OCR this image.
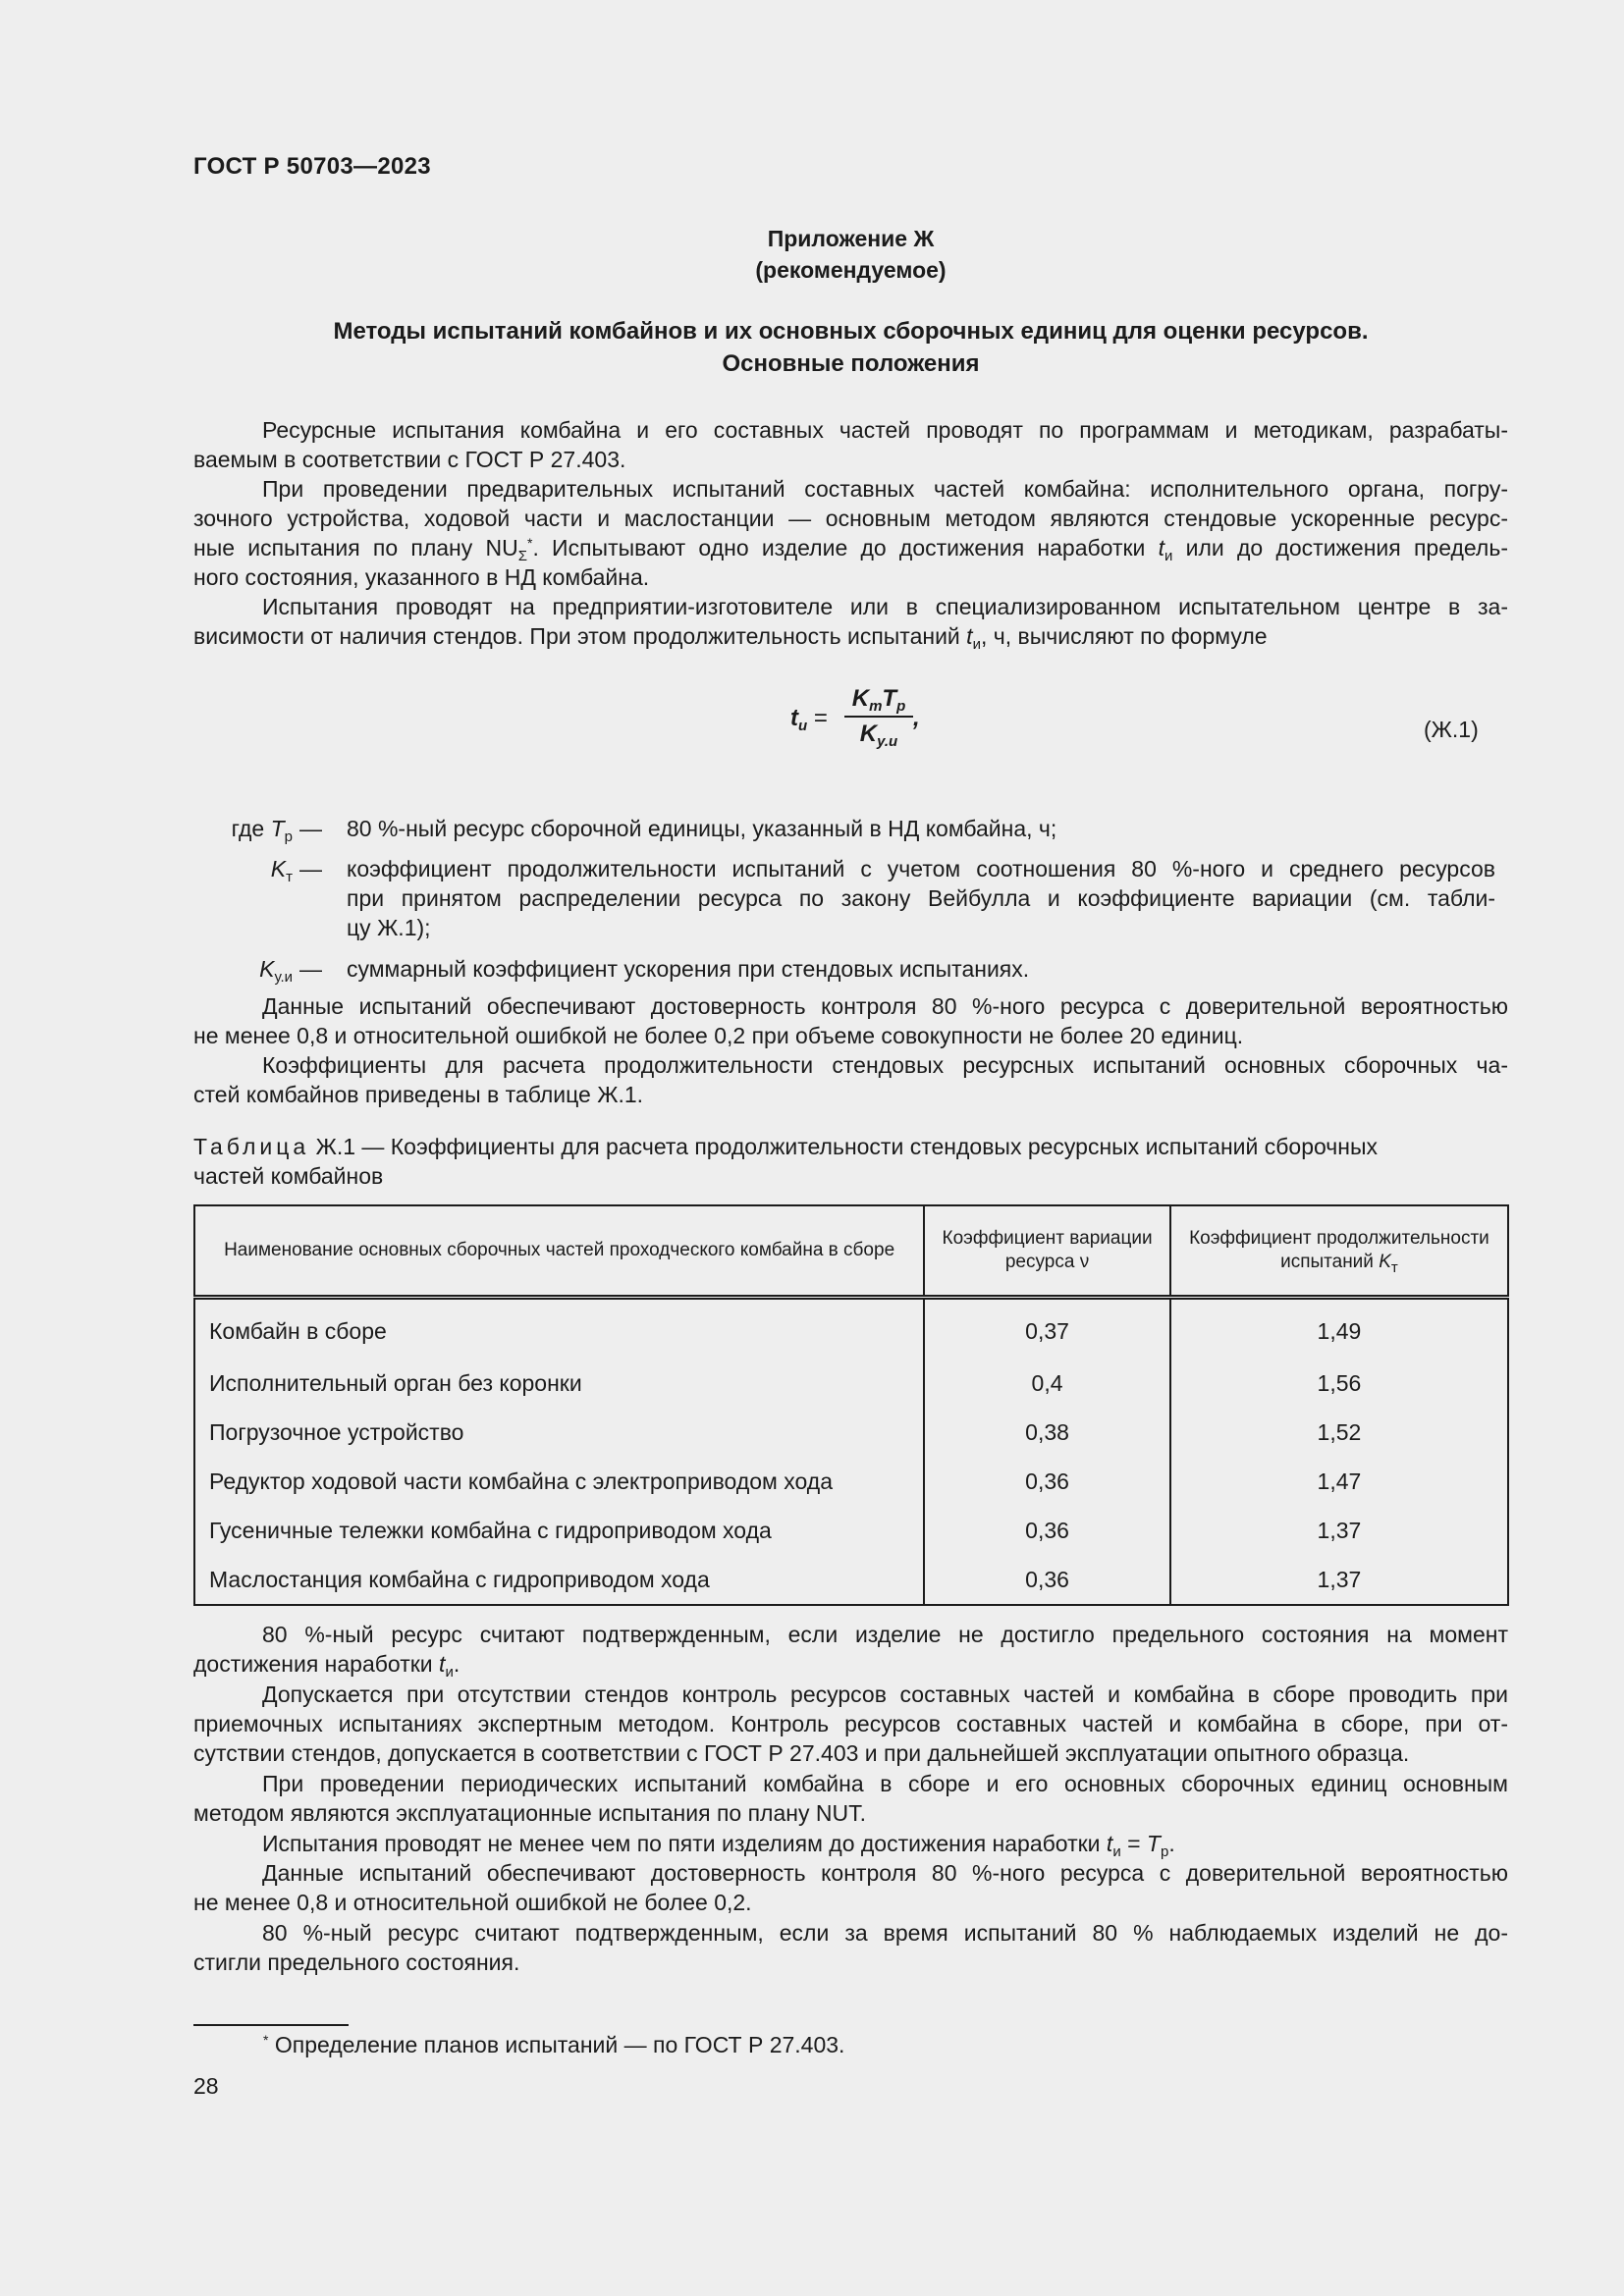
ГОСТ Р 50703—2023
Приложение Ж
(рекомендуемое)
Методы испытаний комбайнов и их основных сборочных единиц для оценки ресурсов.
Основные положения
Ресурсные испытания комбайна и его составных частей проводят по программам и методикам, разрабаты-
ваемым в соответствии с ГОСТ Р 27.403.
При проведении предварительных испытаний составных частей комбайна: исполнительного органа, погру-
зочного устройства, ходовой части и маслостанции — основным методом являются стендовые ускоренные ресурс-
ные испытания по плану $NU_\Sigma^*$. Испытывают одно изделие до достижения наработки $t_и$ или до достижения предель-
ного состояния, указанного в НД комбайна.
Испытания проводят на предприятии-изготовителе или в специализированном испытательном центре в за-
висимости от наличия стендов. При этом продолжительность испытаний $t_и$, ч, вычисляют по формуле
$t_и$ =
$K_тT_р$
$K_{у.и}$
,	(Ж.1)
где $T_р$ — 80 %-ный ресурс сборочной единицы, указанный в НД комбайна, ч;
$K_т$ — коэффициент продолжительности испытаний с учетом соотношения 80 %-ного и среднего ресурсов
при принятом распределении ресурса по закону Вейбулла и коэффициенте вариации (см. табли-
цу Ж.1);
$K_{у.и}$ — суммарный коэффициент ускорения при стендовых испытаниях.
Данные испытаний обеспечивают достоверность контроля 80 %-ного ресурса с доверительной вероятностью
не менее 0,8 и относительной ошибкой не более 0,2 при объеме совокупности не более 20 единиц.
Коэффициенты для расчета продолжительности стендовых ресурсных испытаний основных сборочных ча-
стей комбайнов приведены в таблице Ж.1.
Таблица Ж.1 — Коэффициенты для расчета продолжительности стендовых ресурсных испытаний сборочных
частей комбайнов
Наименование основных сборочных частей проходческого комбайна в сборе	Коэффициент вариации ресурса ν	Коэффициент продолжительности испытаний $K_т$
Комбайн в сборе	0,37	1,49
Исполнительный орган без коронки	0,4	1,56
Погрузочное устройство	0,38	1,52
Редуктор ходовой части комбайна с электроприводом хода	0,36	1,47
Гусеничные тележки комбайна с гидроприводом хода	0,36	1,37
Маслостанция комбайна с гидроприводом хода	0,36	1,37
80 %-ный ресурс считают подтвержденным, если изделие не достигло предельного состояния на момент
достижения наработки $t_и$.
Допускается при отсутствии стендов контроль ресурсов составных частей и комбайна в сборе проводить при
приемочных испытаниях экспертным методом. Контроль ресурсов составных частей и комбайна в сборе, при от-
сутствии стендов, допускается в соответствии с ГОСТ Р 27.403 и при дальнейшей эксплуатации опытного образца.
При проведении периодических испытаний комбайна в сборе и его основных сборочных единиц основным
методом являются эксплуатационные испытания по плану NUT.
Испытания проводят не менее чем по пяти изделиям до достижения наработки $t_и = T_р$.
Данные испытаний обеспечивают достоверность контроля 80 %-ного ресурса с доверительной вероятностью
не менее 0,8 и относительной ошибкой не более 0,2.
80 %-ный ресурс считают подтвержденным, если за время испытаний 80 % наблюдаемых изделий не до-
стигли предельного состояния.
* Определение планов испытаний — по ГОСТ Р 27.403.
28
